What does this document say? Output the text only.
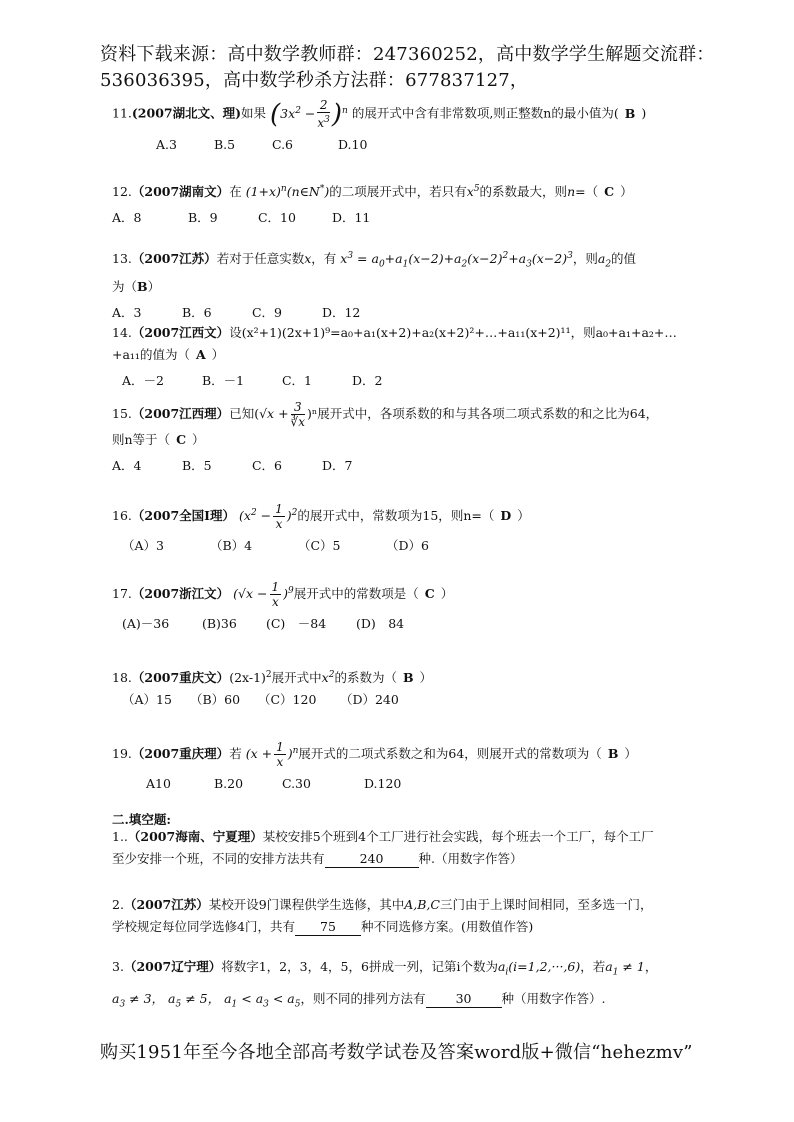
资料下载来源：高中数学教师群：247360252，高中数学学生解题交流群：
536036395，高中数学秒杀方法群：677837127，
11.(2007湖北文、理)如果 $(3x^2 - \frac{2}{x^3} )^n$ 的展开式中含有非常数项,则正整数n的最小值为( B )
A.3	B.5	C.6	D.10
12.（2007湖南文）在 $(1+x)^n(n\in N^*)$的二项展开式中，若只有$x^5$的系数最大，则n=（ C ）
A．8	B．9	C．10	D．11
13.（2007江苏）若对于任意实数x，有 $x^3 = a_0+a_1(x-2)+a_2(x-2)^2+a_3(x-2)^3$，则$a_2$的值
为（B）
A．3	B．6	C．9	D．12
14.（2007江西文）设(x²+1)(2x+1)⁹=a₀+a₁(x+2)+a₂(x+2)²+…+a₁₁(x+2)¹¹，则a₀+a₁+a₂+…
+a₁₁的值为（ A ）
A．－2	B．－1	C．1	D．2
15.（2007江西理）已知$(√x + \frac{3}{∛x} )^n$展开式中，各项系数的和与其各项二项式系数的和之比为64，
则n等于（ C ）
A．4	B．5	C．6	D．7
16.（2007全国Ⅰ理） $(x^2 - \frac{1}{x} )^2$的展开式中，常数项为15，则n=（ D ）
（A）3	（B）4	（C）5	（D）6
17.（2007浙江文） $(√x - \frac{1}{x} )^9$展开式中的常数项是（ C ）
(A)－36	(B)36 (C)　－84 (D)　84
18.（2007重庆文）$(2x-1)^2$展开式中$x^2$的系数为（ B ）
（A）15 （B）60 （C）120 （D）240
19.（2007重庆理）若 $(x + \frac{1}{x} )^n$展开式的二项式系数之和为64，则展开式的常数项为（ B ）
A10	B.20	C.30	D.120
二.填空题:
1..（2007海南、宁夏理）某校安排5个班到4个工厂进行社会实践，每个班去一个工厂，每个工厂
至少安排一个班，不同的安排方法共有	240	种.（用数字作答）
2.（2007江苏）某校开设9门课程供学生选修，其中A,B,C三门由于上课时间相同，至多选一门，
学校规定每位同学选修4门，共有 75 种不同选修方案。(用数值作答)
3.（2007辽宁理）将数字1，2，3，4，5，6拼成一列，记第i个数为$a_i(i=1,2,\cdot\cdot\cdot,6)$，若$a_1 \ne 1$，
$a_3 \ne 3$， $a_5 \ne 5$， $a_1 < a_3 < a_5$，则不同的排列方法有 30 种（用数字作答）.
购买1951年至今各地全部高考数学试卷及答案word版+微信“hehezmv”
